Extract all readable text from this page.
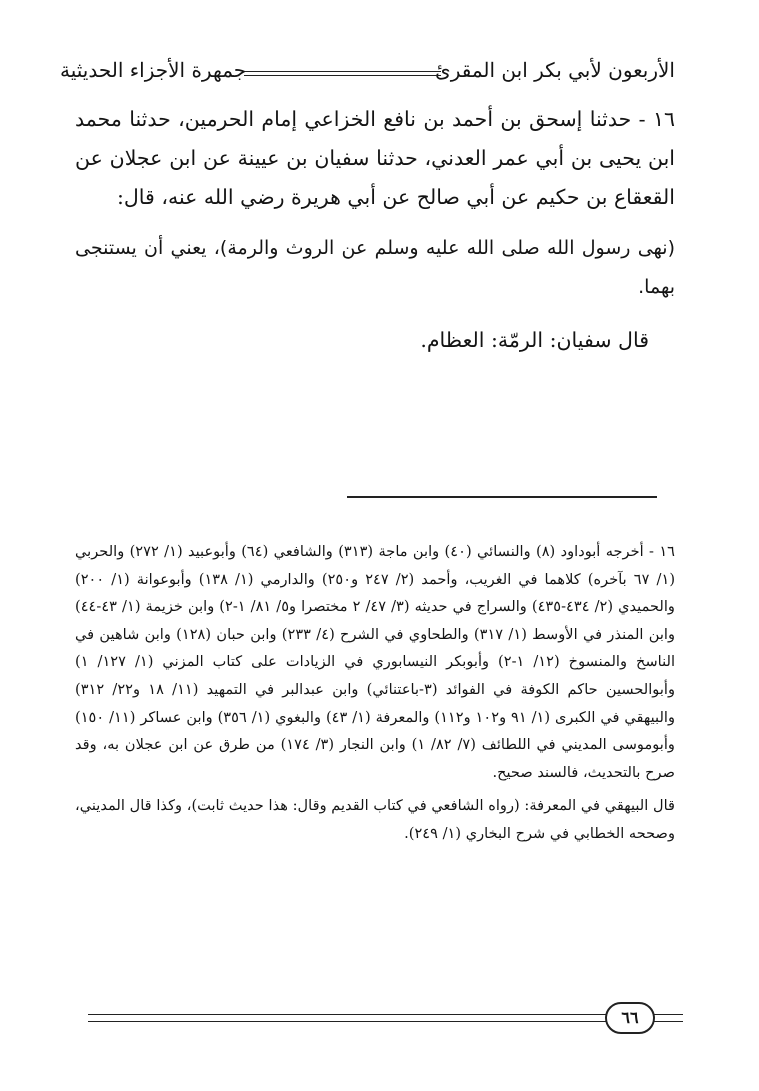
الأربعون لأبي بكر ابن المقرئ
جمهرة الأجزاء الحديثية

١٦ - حدثنا إسحق بن أحمد بن نافع الخزاعي إمام الحرمين، حدثنا محمد ابن يحيى بن أبي عمر العدني، حدثنا سفيان بن عيينة عن ابن عجلان عن القعقاع بن حكيم عن أبي صالح عن أبي هريرة رضي الله عنه، قال:

(نهى رسول الله صلى الله عليه وسلم عن الروث والرمة)، يعني أن يستنجى بهما.

قال سفيان: الرمّة: العظام.

١٦ - أخرجه أبوداود (٨) والنسائي (٤٠) وابن ماجة (٣١٣) والشافعي (٦٤) وأبوعبيد (١/ ٢٧٢) والحربي (١/ ٦٧ بآخره) كلاهما في الغريب، وأحمد (٢/ ٢٤٧ و٢٥٠) والدارمي (١/ ١٣٨) وأبوعوانة (١/ ٢٠٠) والحميدي (٢/ ٤٣٤-٤٣٥) والسراج في حديثه (٣/ ٤٧/ ٢ مختصرا و٥/ ٨١/ ١-٢) وابن خزيمة (١/ ٤٣-٤٤) وابن المنذر في الأوسط (١/ ٣١٧) والطحاوي في الشرح (٤/ ٢٣٣) وابن حبان (١٢٨) وابن شاهين في الناسخ والمنسوخ (١٢/ ١-٢) وأبوبكر النيسابوري في الزيادات على كتاب المزني (١/ ١٢٧/ ١) وأبوالحسين حاكم الكوفة في الفوائد (٣-باعتنائي) وابن عبدالبر في التمهيد (١١/ ١٨ و٢٢/ ٣١٢) والبيهقي في الكبرى (١/ ٩١ و١٠٢ و١١٢) والمعرفة (١/ ٤٣) والبغوي (١/ ٣٥٦) وابن عساكر (١١/ ١٥٠) وأبوموسى المديني في اللطائف (٧/ ٨٢/ ١) وابن النجار (٣/ ١٧٤) من طرق عن ابن عجلان به، وقد صرح بالتحديث، فالسند صحيح.

قال البيهقي في المعرفة: (رواه الشافعي في كتاب القديم وقال: هذا حديث ثابت)، وكذا قال المديني، وصححه الخطابي في شرح البخاري (١/ ٢٤٩).

٦٦
